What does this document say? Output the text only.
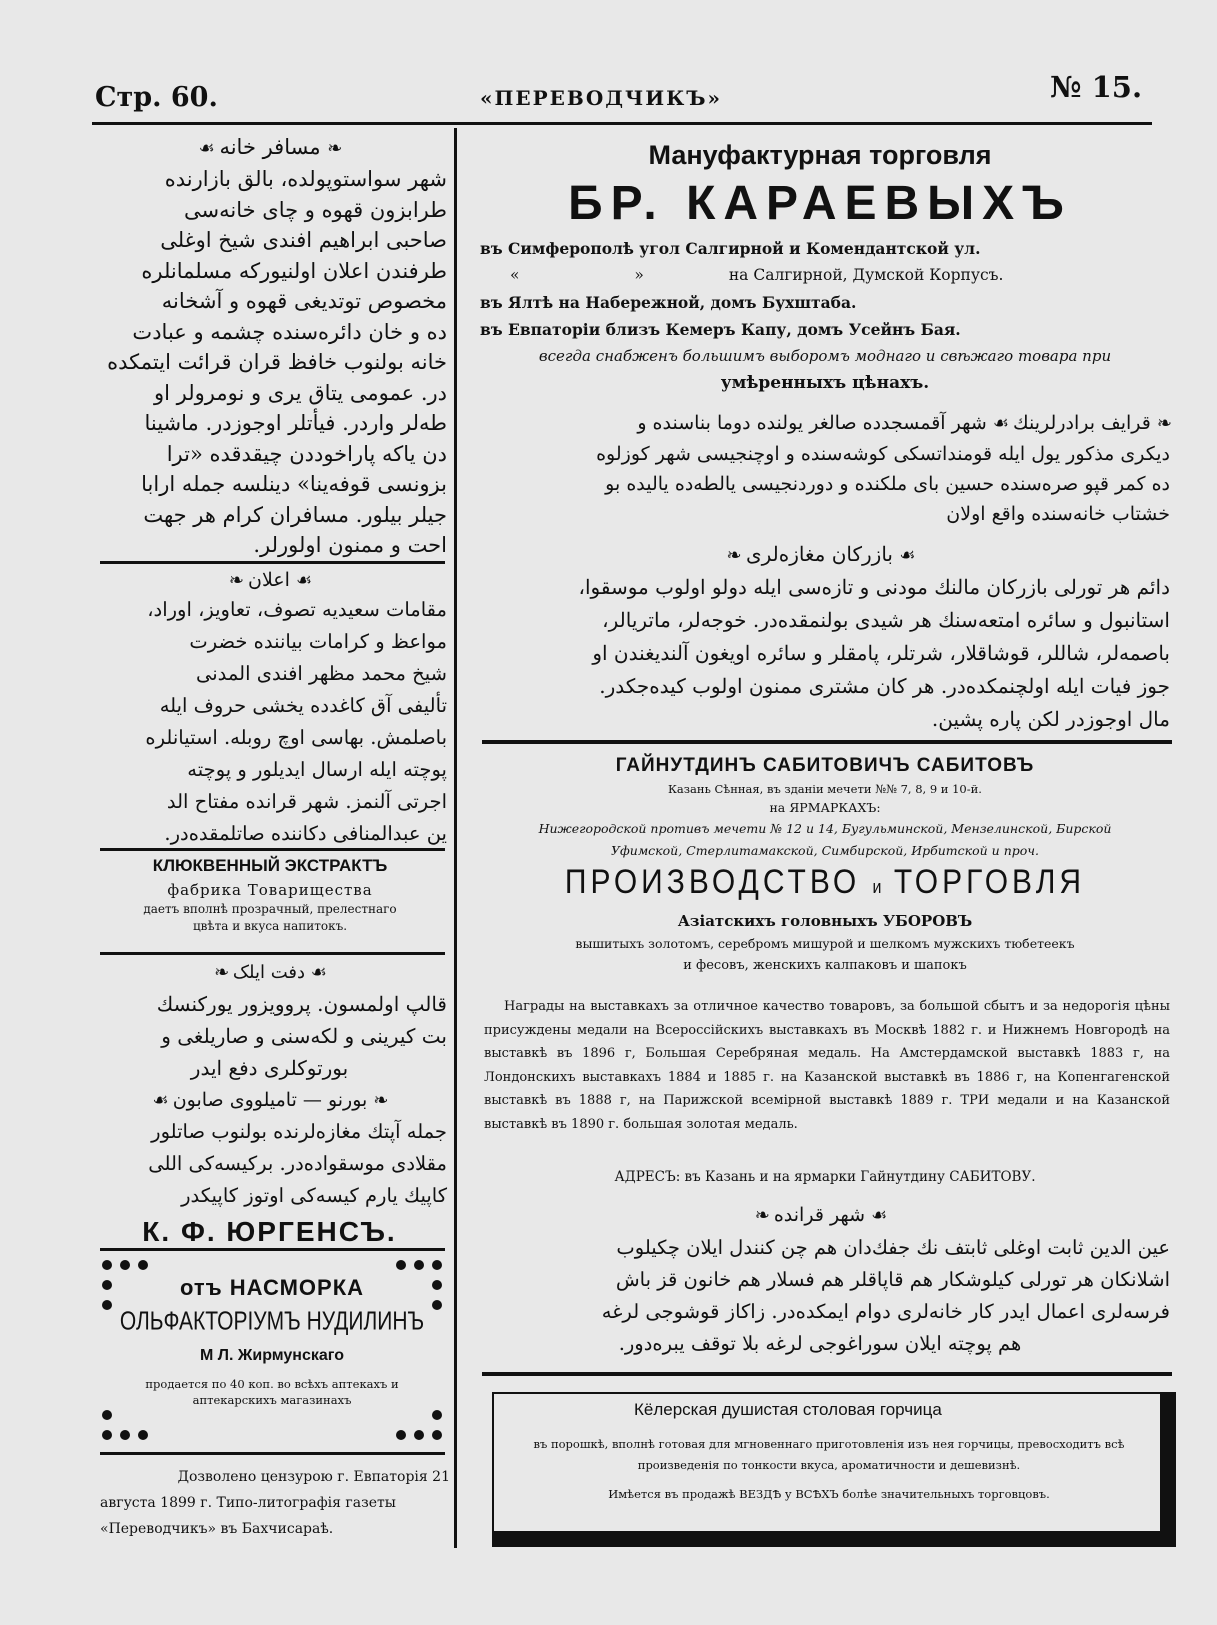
Стр. 60.	«ПЕРЕВОДЧИКЪ»	№ 15.
❧ مسافر خانه ☙
شهر سواستوپولده، بالق بازارنده
طرابزون قهوه و چای خانه‌سی
صاحبی ابراهیم افندی شیخ اوغلی
طرفندن اعلان اولنیورکه مسلمانلره
مخصوص توتدیغی قهوه و آشخانه
ده و خان دائره‌سنده چشمه و عبادت
خانه بولنوب خافظ قران قرائت ایتمکده
در. عمومی یتاق یری و نومرولر او
طه‌لر واردر. فیأتلر اوجوزدر. ماشینا
دن یاکه پاراخوددن چیقدقده «ترا
بزونسی قوفه‌ینا» دینلسه جمله ارابا
جیلر بیلور. مسافران کرام هر جهت
احت و ممنون اولورلر.
❧ اعلان ☙
مقامات سعیدیه تصوف، تعاویز، اوراد،
مواعظ و کرامات بیاننده خضرت
شیخ محمد مظهر افندی المدنی
تألیفی آق کاغدده یخشی حروف ایله
باصلمش. بهاسی اوچ روبله. استیانلره
پوچته ایله ارسال ایدیلور و پوچته
اجرتی آلنمز. شهر قرانده مفتاح الد
ین عبدالمنافی دکاننده صاتلمقده‌در.
КЛЮКВЕННЫЙ ЭКСТРАКТЪ
фабрика Товарищества
даетъ вполнѣ прозрачный, прелестнаго
цвѣта и вкуса напитокъ.
❧ دفت ایلک ☙
قالپ اولمسون. پروویزور یورکنسك
بت کیرینی و لکه‌سنی و صاریلغی و
بورتوکلری دفع ایدر
❧ بورنو — تامیلووی صابون ☙
جمله آپتك مغازه‌لرنده بولنوب صاتلور
مقلادی موسقواده‌در. برکیسه‌کی اللی
کاپیك یارم کیسه‌کی اوتوز کاپیکدر
К. Ф. ЮРГЕНСЪ.
отъ НАСМОРКА
ОЛЬФАКТОРІУМЪ НУДИЛИНЪ
М Л. Жирмунскаго
продается по 40 коп. во всѣхъ аптекахъ и
аптекарскихъ магазинахъ
Дозволено цензурою г. Евпаторія 21
августа 1899 г. Типо-литографія газеты
«Переводчикъ» въ Бахчисараѣ.
Мануфактурная торговля
БР. КАРАЕВЫХЪ
въ Симферополѣ угол Салгирной и Комендантской ул.
«	»	на Салгирной, Думской Корпусъ.
въ Ялтѣ на Набережной, домъ Бухштаба.
въ Евпаторіи близъ Кемеръ Капу, домъ Усейнъ Бая.
всегда снабженъ большимъ выборомъ моднаго и свѣжаго товара при
умѣренныхъ цѣнахъ.
❧ قرایف برادرلرینك ☙ شهر آقمسجدده صالغر یولنده دوما بناسنده و
دیکری مذکور یول ایله قومنداتسکی کوشه‌سنده و اوچنجیسی شهر کوزلوه
ده کمر قپو صره‌سنده حسین بای ملکنده و دوردنجیسی یالطه‌ده یالیده بو
خشتاب خانه‌سنده واقع اولان
❧ بازرکان مغازه‌لری ☙
دائم هر تورلی بازرکان مالنك مودنی و تازه‌سی ایله دولو اولوب موسقوا،
استانبول و سائره امتعه‌سنك هر شیدی بولنمقده‌در. خوجه‌لر، ماتریالر،
باصمه‌لر، شاللر، قوشاقلار، شرتلر، پامقلر و سائره اویغون آلندیغندن او
جوز فیات ایله اولچنمکده‌در. هر کان مشتری ممنون اولوب کیده‌جکدر.
مال اوجوزدر لکن پاره پشین.
ГАЙНУТДИНЪ САБИТОВИЧЪ САБИТОВЪ
Казань Сѣнная, въ зданіи мечети №№ 7, 8, 9 и 10-й.
на ЯРМАРКАХЪ:
Нижегородской противъ мечети № 12 и 14, Бугульминской, Мензелинской, Бирской
Уфимской, Стерлитамакской, Симбирской, Ирбитской и проч.
ПРОИЗВОДСТВО и ТОРГОВЛЯ
Азіатскихъ головныхъ УБОРОВЪ
вышитыхъ золотомъ, серебромъ мишурой и шелкомъ мужскихъ тюбетеекъ
и фесовъ, женскихъ калпаковъ и шапокъ
Награды на выставкахъ за отличное качество товаровъ, за большой сбытъ и за недорогія цѣны присуждены медали на Всероссійскихъ выставкахъ въ Москвѣ 1882 г. и Нижнемъ Новгородѣ на выставкѣ въ 1896 г, Большая Серебряная медаль. На Амстердамской выставкѣ 1883 г, на Лондонскихъ выставкахъ 1884 и 1885 г. на Казанской выставкѣ въ 1886 г, на Копенгагенской выставкѣ въ 1888 г, на Парижской всемірной выставкѣ 1889 г. ТРИ медали и на Казанской выставкѣ въ 1890 г. большая золотая медаль.
АДРЕСЪ: въ Казань и на ярмарки Гайнутдину САБИТОВУ.
❧ شهر قرانده ☙
عین الدین ثابت اوغلی ثابتف نك جفك‌دان هم چن کنندل ایلان چکیلوب
اشلانکان هر تورلی کیلوشکار هم قاپاقلر هم فسلار هم خانون قز باش
فرسه‌لری اعمال ایدر کار خانه‌لری دوام ایمکده‌در. زاکاز قوشوجی لرغه
هم پوچته ایلان سوراغوجی لرغه بلا توقف یبره‌دور.
Кёлерская душистая столовая горчица
въ порошкѣ, вполнѣ готовая для мгновеннаго приготовленія изъ нея горчицы, превосходитъ всѣ произведенія по тонкости вкуса, ароматичности и дешевизнѣ.
Имѣется въ продажѣ ВЕЗДѢ у ВСѢХЪ болѣе значительныхъ торговцовъ.
